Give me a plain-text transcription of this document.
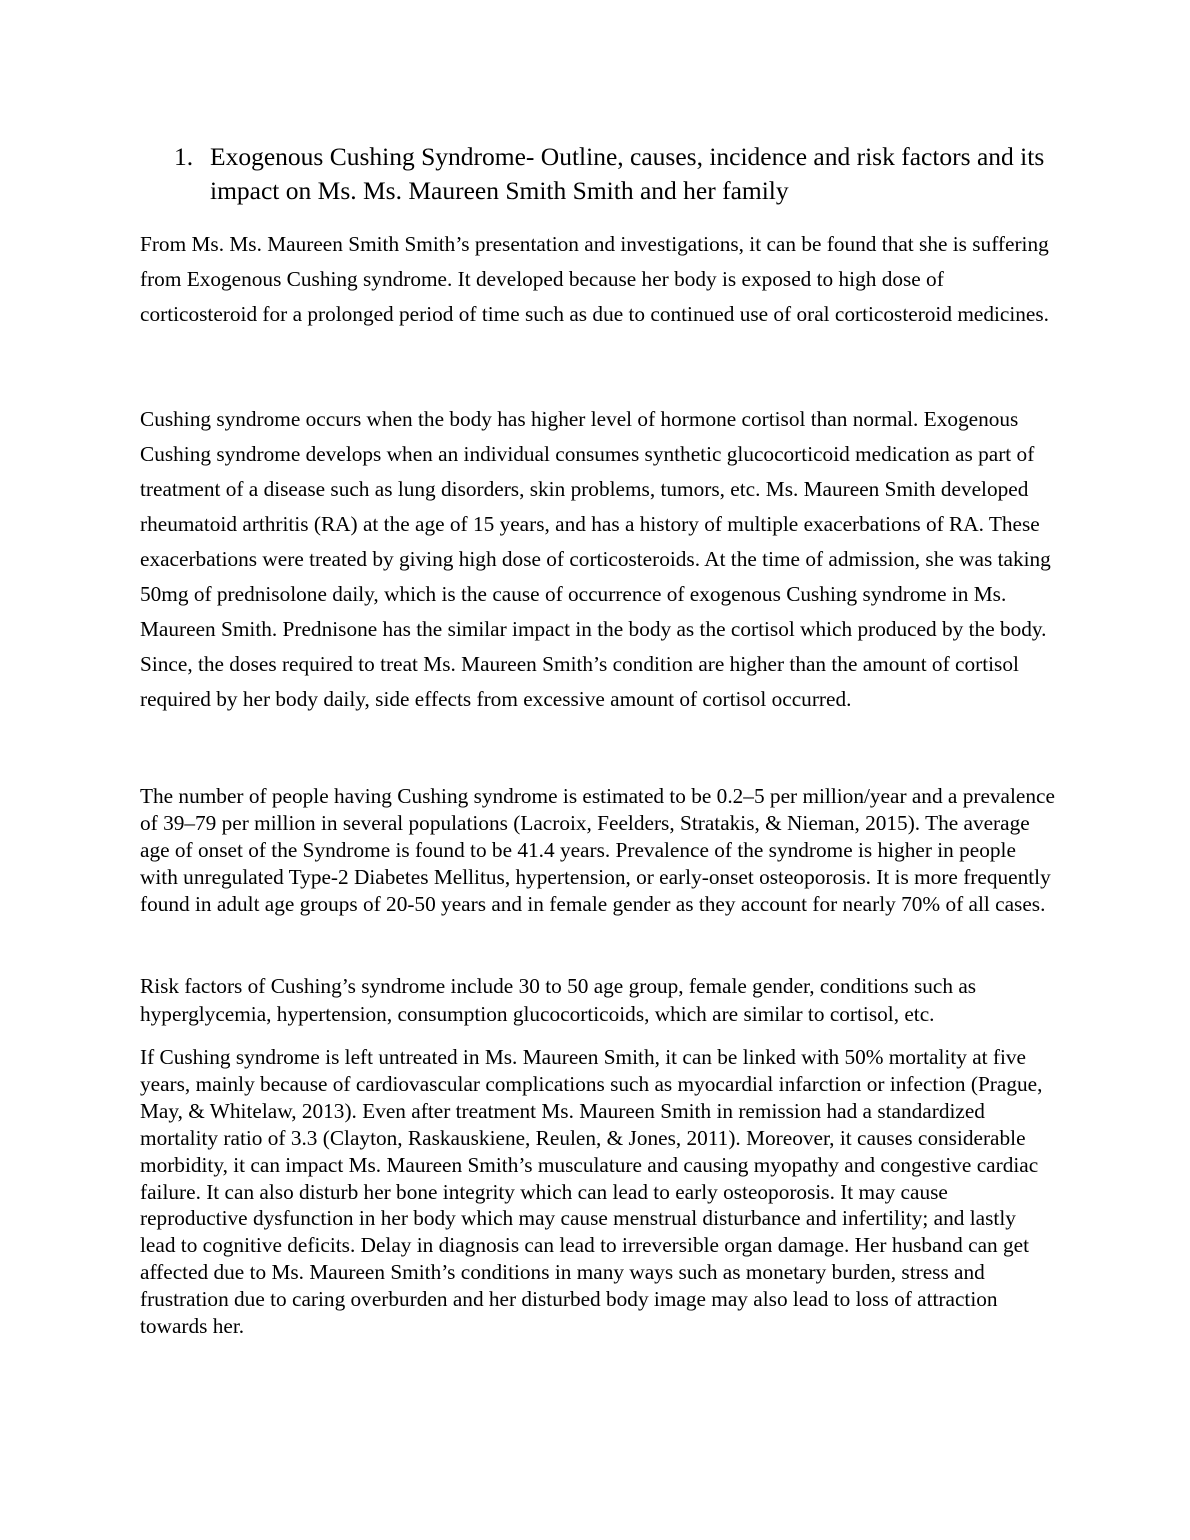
1. Exogenous Cushing Syndrome- Outline, causes, incidence and risk factors and its impact on Ms. Ms. Maureen Smith Smith and her family

From Ms. Ms. Maureen Smith Smith’s presentation and investigations, it can be found that she is suffering from Exogenous Cushing syndrome. It developed because her body is exposed to high dose of corticosteroid for a prolonged period of time such as due to continued use of oral corticosteroid medicines.

Cushing syndrome occurs when the body has higher level of hormone cortisol than normal. Exogenous Cushing syndrome develops when an individual consumes synthetic glucocorticoid medication as part of treatment of a disease such as lung disorders, skin problems, tumors, etc. Ms. Maureen Smith developed rheumatoid arthritis (RA) at the age of 15 years, and has a history of multiple exacerbations of RA. These exacerbations were treated by giving high dose of corticosteroids. At the time of admission, she was taking 50mg of prednisolone daily, which is the cause of occurrence of exogenous Cushing syndrome in Ms. Maureen Smith. Prednisone has the similar impact in the body as the cortisol which produced by the body. Since, the doses required to treat Ms. Maureen Smith’s condition are higher than the amount of cortisol required by her body daily, side effects from excessive amount of cortisol occurred.

The number of people having Cushing syndrome is estimated to be 0.2–5 per million/year and a prevalence of 39–79 per million in several populations (Lacroix, Feelders, Stratakis, & Nieman, 2015). The average age of onset of the Syndrome is found to be 41.4 years. Prevalence of the syndrome is higher in people with unregulated Type-2 Diabetes Mellitus, hypertension, or early-onset osteoporosis. It is more frequently found in adult age groups of 20-50 years and in female gender as they account for nearly 70% of all cases.

Risk factors of Cushing’s syndrome include 30 to 50 age group, female gender, conditions such as hyperglycemia, hypertension, consumption glucocorticoids, which are similar to cortisol, etc.

If Cushing syndrome is left untreated in Ms. Maureen Smith, it can be linked with 50% mortality at five years, mainly because of cardiovascular complications such as myocardial infarction or infection (Prague, May, & Whitelaw, 2013). Even after treatment Ms. Maureen Smith in remission had a standardized mortality ratio of 3.3 (Clayton, Raskauskiene, Reulen, & Jones, 2011). Moreover, it causes considerable morbidity, it can impact Ms. Maureen Smith’s musculature and causing myopathy and congestive cardiac failure. It can also disturb her bone integrity which can lead to early osteoporosis. It may cause reproductive dysfunction in her body which may cause menstrual disturbance and infertility; and lastly lead to cognitive deficits. Delay in diagnosis can lead to irreversible organ damage. Her husband can get affected due to Ms. Maureen Smith’s conditions in many ways such as monetary burden, stress and frustration due to caring overburden and her disturbed body image may also lead to loss of attraction towards her.
